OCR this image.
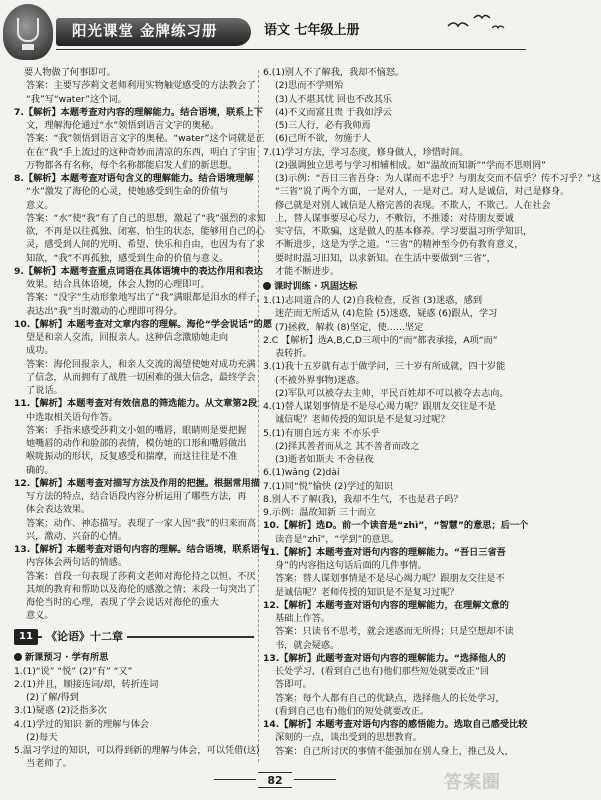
阳光课堂 金牌练习册	语文 七年级上册
要人物做了何事即可。
答案：主要写莎莉文老师利用实物触觉感受的方法教会了
“我”写“water”这个词。
7.【解析】本题考查对内容的理解能力。结合语境，联系上下
文，理解海伦通过“水”领悟到语言文字的奥秘。
答案：“我”领悟到语言文字的奥秘。“water”这个词就是正
在在“我”手上流过的这种奇妙而清凉的东西，明白了宇宙
万物都各有名称，每个名称都能启发人们的新思想。
8.【解析】本题考查对语句含义的理解能力。结合语境理解
“水”激发了海伦的心灵，使她感受到生命的价值与
意义。
答案：“水”使“我”有了自己的思想，激起了“我”强烈的求知
欲，不再是以往孤独、闭塞、怕生的状态，能够用自己的心
灵，感受到人间的光明、希望、快乐和自由，也因为有了求
知欲，“我”不再孤独，感受到生命的价值与意义。
9.【解析】本题考查重点词语在具体语境中的表达作用和表达
效果。结合具体语境，体会人物的心理即可。
答案：“没字”生动形象地写出了“我”满眼都是泪水的样子，
表达出“我”当时激动的心理即可得分。
10.【解析】本题考查对文章内容的理解。海伦“学会说话”的愿
望是和亲人交流，回报亲人。这种信念激励她走向
成功。
答案：海伦回报亲人，和亲人交流的渴望使她对成功充满
了信念，从而拥有了战胜一切困难的强大信念，最终学会
了说话。
11.【解析】本题考查对有效信息的筛选能力。从文章第2段
中选取相关语句作答。
答案：手指来感受莎莉文小姐的嘴唇，眼睛则是要把握
她嘴唇的动作和脸部的表情，模仿她的口形和嘴唇做出
喉咙振动的形状，反复感受和揣摩，而这往往是不准
确的。
12.【解析】本题考查对描写方法及作用的把握。根据常用描
写方法的特点，结合语段内容分析运用了哪些方法，再
体会表达效果。
答案：动作、神态描写。表现了一家人因“我”的归来而高
兴，激动、兴奋的心情。
13.【解析】本题考查对语句内容的理解。结合语境，联系语句
内容体会两句话的情感。
答案：首段一句表现了莎莉文老师对海伦持之以恒、不厌
其烦的教育和帮助以及海伦的感激之情；末段一句突出了
海伦当时的心理，表现了学会说话对海伦的重大
意义。
11	《论语》十二章
新课预习 · 学有所思
1.(1)“说” “悦” (2)“有” “又”
2.(1)并且，顺接连词/却，转折连词
(2)了解/得到
3.(1)疑惑 (2)泛指多次
4.(1)学过的知识 新的理解与体会
(2)每天
5.温习学过的知识，可以得到新的理解与体会，可以凭借(这)
当老师了。
6.(1)别人不了解我，我却不恼怒。
(2)思而不学则殆
(3)人不堪其忧 回也不改其乐
(4)不义而富且贵 于我如浮云
(5)三人行，必有我师焉
(6)己所不欲，勿施于人
7.(1)学习方法，学习态度，修身做人，珍惜时间。
(2)强调独立思考与学习相辅相成。如“温故而知新”“学而不思则罔”
(3)示例：“吾日三省吾身：为人谋而不忠乎？与朋友交而不信乎？传不习乎？”这
“三省”说了两个方面，一是对人，一是对己。对人是诚信，对己是修身。
修己就是对别人诚信是人格完善的表现。不欺人，不欺己。人在社会
上，替人谋事要尽心尽力，不敷衍，不推诿；对待朋友要诚
实守信，不欺骗，这是做人的基本修养。学习要温习所学知识，
不断进步，这是为学之道。“三省”的精神至今仍有教育意义，
要时时温习旧知，以求新知。在生活中要做到“三省”，
才能不断进步。
课时训练 · 巩固达标
1.(1)志同道合的人 (2)自我检查，反省 (3)迷惑，感到
迷茫而无所适从 (4)危险 (5)迷惑，疑惑 (6)跟从，学习
(7)拯救，解救 (8)坚定，使……坚定
2.C 【解析】选A,B,C,D三项中的“而”都表承接，A项“而”
表转折。
3.(1)我十五岁就有志于做学问，三十岁有所成就，四十岁能
(不被外界事物)迷惑。
(2)军队可以被夺去主帅，平民百姓却不可以被夺去志向。
4.(1)替人谋划事情是不是尽心竭力呢？跟朋友交往是不是
诚信呢？老师传授的知识是不是复习过呢？
5.(1)有朋自远方来 不亦乐乎
(2)择其善者而从之 其不善者而改之
(3)逝者如斯夫 不舍昼夜
6.(1)wǎng (2)dài
7.(1)同“悦”愉快 (2)学过的知识
8.别人不了解(我)，我却不生气，不也是君子吗？
9.示例：温故知新 三十而立
10.【解析】选D。前一个读音是“zhì”，“智慧”的意思；后一个
读音是“zhī”，“学到”的意思。
11.【解析】本题考查对语句内容的理解能力。“吾日三省吾
身”的内容指这句话后面的几件事情。
答案：替人谋划事情是不是尽心竭力呢？跟朋友交往是不
是诚信呢？老师传授的知识是不是复习过呢？
12.【解析】本题考查对语句内容的理解能力，在理解文意的
基础上作答。
答案：只读书不思考，就会迷惑而无所得；只是空想却不读
书，就会疑惑。
13.【解析】此题考查对语句内容的理解能力。“选择他人的
长处学习，(看到自己也有)他们那些短处就要改正”回
答即可。
答案：每个人都有自己的优缺点，选择他人的长处学习，
(看到自己也有)他们的短处就要改正。
14.【解析】本题考查对语句内容的感悟能力。选取自己感受比较
深刻的一点，谈出受到的思想教育。
答案：自己所讨厌的事情不能强加在别人身上，推己及人，
82	答案圈
